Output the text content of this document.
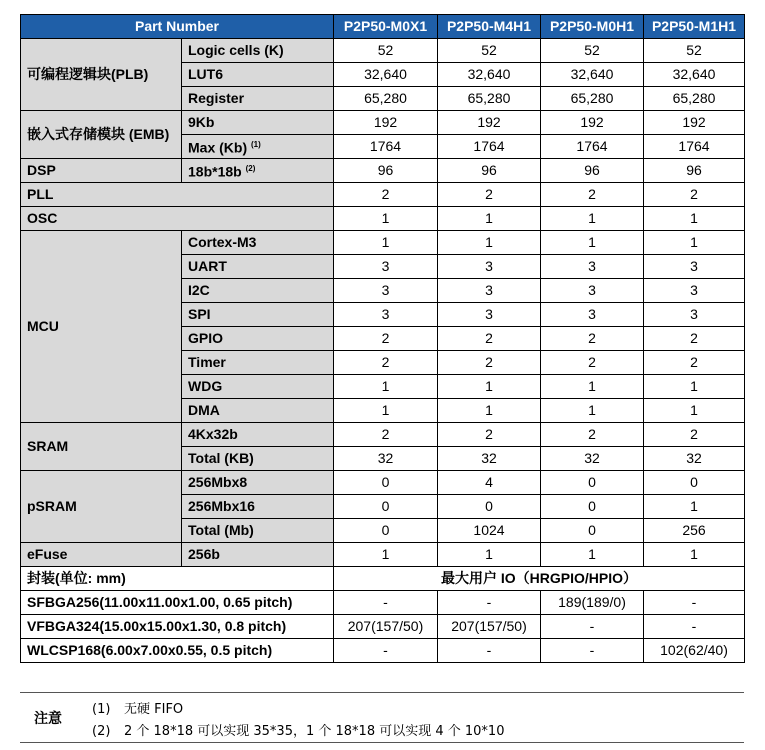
Part Number		P2P50-M0X1	P2P50-M4H1	P2P50-M0H1	P2P50-M1H1
可编程逻辑块(PLB)	Logic cells (K)	52	52	52	52
	LUT6	32,640	32,640	32,640	32,640
	Register	65,280	65,280	65,280	65,280
嵌入式存储模块 (EMB)	9Kb	192	192	192	192
	Max (Kb) $^{(1)}$	1764	1764	1764	1764
DSP	18b*18b $^{(2)}$	96	96	96	96
PLL		2	2	2	2
OSC		1	1	1	1
MCU	Cortex-M3	1	1	1	1
	UART	3	3	3	3
	I2C	3	3	3	3
	SPI	3	3	3	3
	GPIO	2	2	2	2
	Timer	2	2	2	2
	WDG	1	1	1	1
	DMA	1	1	1	1
SRAM	4Kx32b	2	2	2	2
	Total (KB)	32	32	32	32
pSRAM	256Mbx8	0	4	0	0
	256Mbx16	0	0	0	1
	Total (Mb)	0	1024	0	256
eFuse	256b	1	1	1	1
封装(单位: mm)		最大用户 IO（HRGPIO/HPIO）			
SFBGA256(11.00x11.00x1.00, 0.65 pitch)		-	-	189(189/0)	-
VFBGA324(15.00x15.00x1.30, 0.8 pitch)		207(157/50)	207(157/50)	-	-
WLCSP168(6.00x7.00x0.55, 0.5 pitch)		-	-	-	102(62/40)
注意
(1) 无硬 FIFO
(2) 2 个 18*18 可以实现 35*35，1 个 18*18 可以实现 4 个 10*10
